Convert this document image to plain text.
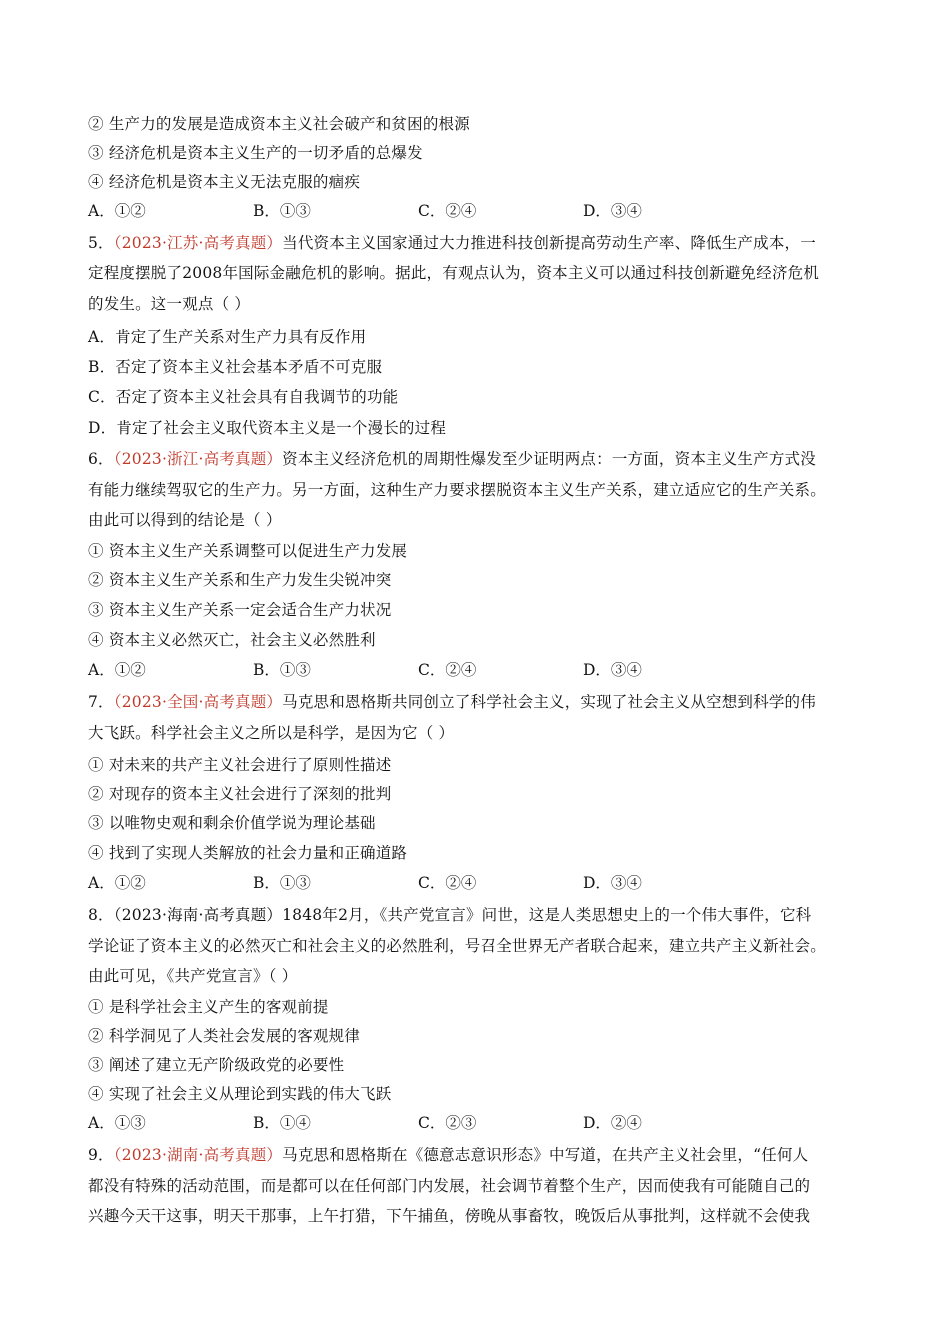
② 生产力的发展是造成资本主义社会破产和贫困的根源
③ 经济危机是资本主义生产的一切矛盾的总爆发
④ 经济危机是资本主义无法克服的痼疾
A．①②	B．①③	C．②④	D．③④
5．（2023·江苏·高考真题）当代资本主义国家通过大力推进科技创新提高劳动生产率、降低生产成本，一
定程度摆脱了2008年国际金融危机的影响。据此，有观点认为，资本主义可以通过科技创新避免经济危机
的发生。这一观点（ ）
A．肯定了生产关系对生产力具有反作用
B．否定了资本主义社会基本矛盾不可克服
C．否定了资本主义社会具有自我调节的功能
D．肯定了社会主义取代资本主义是一个漫长的过程
6．（2023·浙江·高考真题）资本主义经济危机的周期性爆发至少证明两点：一方面，资本主义生产方式没
有能力继续驾驭它的生产力。另一方面，这种生产力要求摆脱资本主义生产关系，建立适应它的生产关系。
由此可以得到的结论是（ ）
① 资本主义生产关系调整可以促进生产力发展
② 资本主义生产关系和生产力发生尖锐冲突
③ 资本主义生产关系一定会适合生产力状况
④ 资本主义必然灭亡，社会主义必然胜利
A．①②	B．①③	C．②④	D．③④
7．（2023·全国·高考真题）马克思和恩格斯共同创立了科学社会主义，实现了社会主义从空想到科学的伟
大飞跃。科学社会主义之所以是科学，是因为它（ ）
① 对未来的共产主义社会进行了原则性描述
② 对现存的资本主义社会进行了深刻的批判
③ 以唯物史观和剩余价值学说为理论基础
④ 找到了实现人类解放的社会力量和正确道路
A．①②	B．①③	C．②④	D．③④
8．（2023·海南·高考真题）1848年2月，《共产党宣言》问世，这是人类思想史上的一个伟大事件，它科
学论证了资本主义的必然灭亡和社会主义的必然胜利，号召全世界无产者联合起来，建立共产主义新社会。
由此可见，《共产党宣言》（ ）
① 是科学社会主义产生的客观前提
② 科学洞见了人类社会发展的客观规律
③ 阐述了建立无产阶级政党的必要性
④ 实现了社会主义从理论到实践的伟大飞跃
A．①③	B．①④	C．②③	D．②④
9．（2023·湖南·高考真题）马克思和恩格斯在《德意志意识形态》中写道，在共产主义社会里，“任何人
都没有特殊的活动范围，而是都可以在任何部门内发展，社会调节着整个生产，因而使我有可能随自己的
兴趣今天干这事，明天干那事，上午打猎，下午捕鱼，傍晚从事畜牧，晚饭后从事批判，这样就不会使我
